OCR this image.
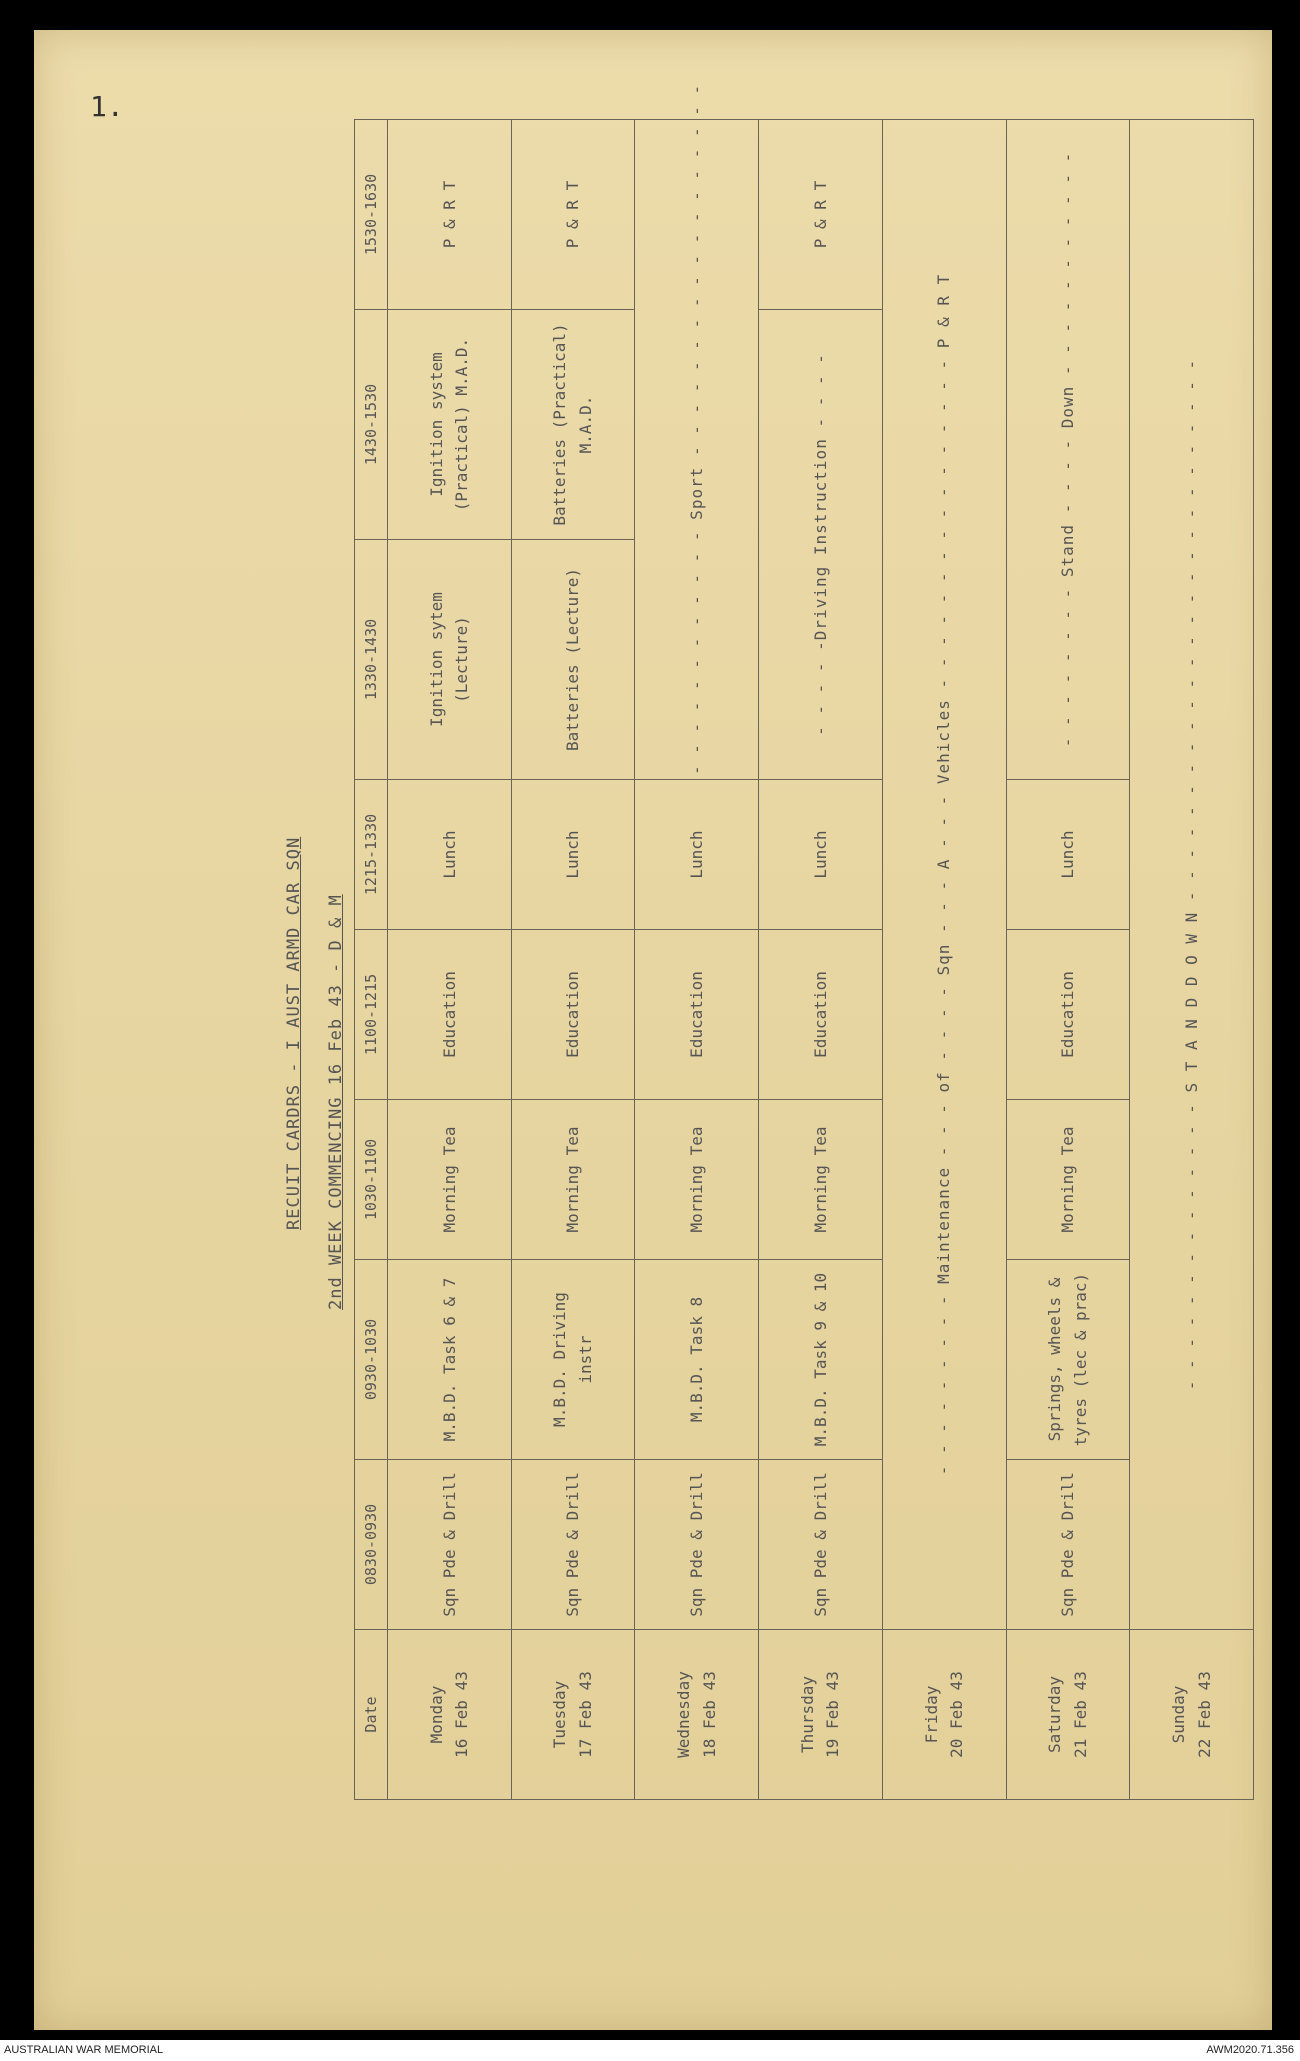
1.
RECUIT CARDRS - I AUST ARMD CAR SQN 2nd WEEK COMMENCING 16 Feb 43 - D & M
Date	0830-0930	0930-1030	1030-1100	1100-1215	1215-1330	1330-1430	1430-1530	1530-1630

Monday 16 Feb 43	Sqn Pde & Drill	M.B.D. Task 6 & 7	Morning Tea	Education	Lunch	Ignition sytem (Lecture)	Ignition system (Practical) M.A.D.	P & R T

Tuesday 17 Feb 43	Sqn Pde & Drill	M.B.D. Driving instr	Morning Tea	Education	Lunch	Batteries (Lecture)	Batteries (Practical) M.A.D.	P & R T

Wednesday 18 Feb 43	Sqn Pde & Drill	M.B.D. Task 8	Morning Tea	Education	Lunch	- - - - - - - - - - - - Sport - - - - - - - - - - - - - - - - - -		

Thursday 19 Feb 43	Sqn Pde & Drill	M.B.D. Task 9 & 10	Morning Tea	Education	Lunch	- - - - -Driving Instruction - - - -		P & R T

Friday 20 Feb 43	- - - - - - - - - Maintenance - - - of - - - - Sqn - - - A - - - Vehicles - - - - - - - - - - - - - - - - P & R T							

Saturday 21 Feb 43	Sqn Pde & Drill	Springs, wheels & tyres (lec & prac)	Morning Tea	Education	Lunch	- - - - - - - - Stand - - - - Down - - - - - - - - - - -		

Sunday 22 Feb 43	- - - - - - - - - - - - - - S T A N D D O W N - - - - - - - - - - - - - - - - - - - - - - - - - -							
AUSTRALIAN WAR MEMORIAL	AWM2020.71.356
